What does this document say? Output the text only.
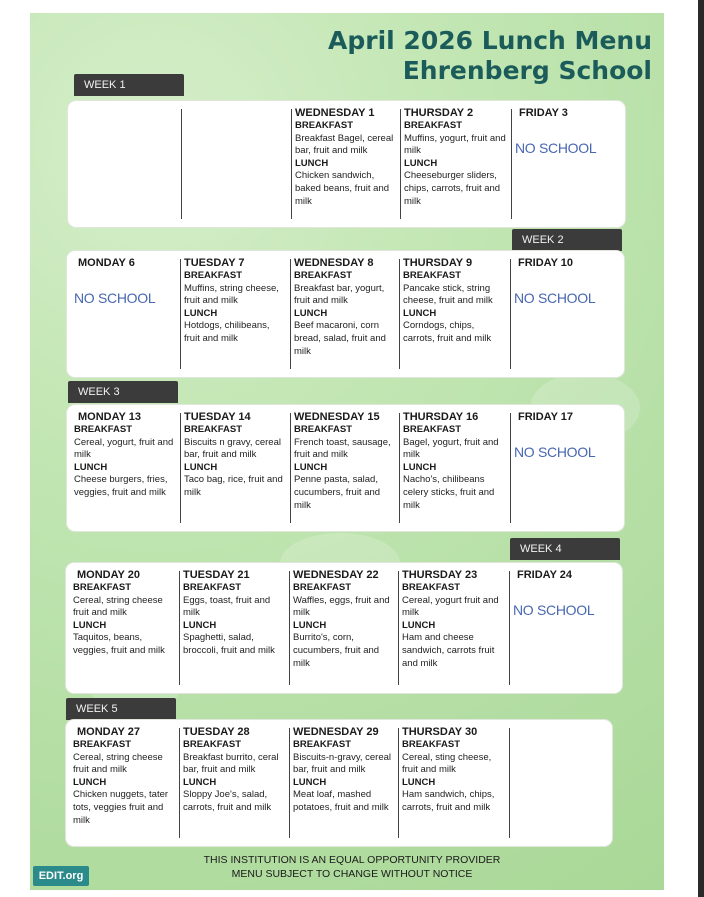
April 2026 Lunch Menu
Ehrenberg School
WEEK 1
WEDNESDAY 1
BREAKFAST
Breakfast Bagel, cereal bar, fruit and milk
LUNCH
Chicken sandwich, baked beans, fruit and milk
THURSDAY 2
BREAKFAST
Muffins, yogurt, fruit and milk
LUNCH
Cheeseburger sliders, chips, carrots, fruit and milk
FRIDAY 3
NO SCHOOL
WEEK 2
MONDAY 6
NO SCHOOL
TUESDAY 7
BREAKFAST
Muffins, string cheese, fruit and milk
LUNCH
Hotdogs, chilibeans, fruit and milk
WEDNESDAY 8
BREAKFAST
Breakfast bar, yogurt, fruit and milk
LUNCH
Beef macaroni, corn bread, salad, fruit and milk
THURSDAY 9
BREAKFAST
Pancake stick, string cheese, fruit and milk
LUNCH
Corndogs, chips, carrots, fruit and milk
FRIDAY 10
NO SCHOOL
WEEK 3
MONDAY 13
BREAKFAST
Cereal, yogurt, fruit and milk
LUNCH
Cheese burgers, fries, veggies, fruit and milk
TUESDAY 14
BREAKFAST
Biscuits n gravy, cereal bar, fruit and milk
LUNCH
Taco bag, rice, fruit and milk
WEDNESDAY 15
BREAKFAST
French toast, sausage, fruit and milk
LUNCH
Penne pasta, salad, cucumbers, fruit and milk
THURSDAY 16
BREAKFAST
Bagel, yogurt, fruit and milk
LUNCH
Nacho's, chilibeans celery sticks, fruit and milk
FRIDAY 17
NO SCHOOL
WEEK 4
MONDAY 20
BREAKFAST
Cereal, string cheese fruit and milk
LUNCH
Taquitos, beans, veggies, fruit and milk
TUESDAY 21
BREAKFAST
Eggs, toast, fruit and milk
LUNCH
Spaghetti, salad, broccoli, fruit and milk
WEDNESDAY 22
BREAKFAST
Waffles, eggs, fruit and milk
LUNCH
Burrito's, corn, cucumbers, fruit and milk
THURSDAY 23
BREAKFAST
Cereal, yogurt fruit and milk
LUNCH
Ham and cheese sandwich, carrots fruit and milk
FRIDAY 24
NO SCHOOL
WEEK 5
MONDAY 27
BREAKFAST
Cereal, string cheese fruit and milk
LUNCH
Chicken nuggets, tater tots, veggies fruit and milk
TUESDAY 28
BREAKFAST
Breakfast burrito, ceral bar, fruit and milk
LUNCH
Sloppy Joe's, salad, carrots, fruit and milk
WEDNESDAY 29
BREAKFAST
Biscuits-n-gravy, cereal bar, fruit and milk
LUNCH
Meat loaf, mashed potatoes, fruit and milk
THURSDAY 30
BREAKFAST
Cereal, sting cheese, fruit and milk
LUNCH
Ham sandwich, chips, carrots, fruit and milk
THIS INSTITUTION IS AN EQUAL OPPORTUNITY PROVIDER
MENU SUBJECT TO CHANGE WITHOUT NOTICE
EDIT.org
